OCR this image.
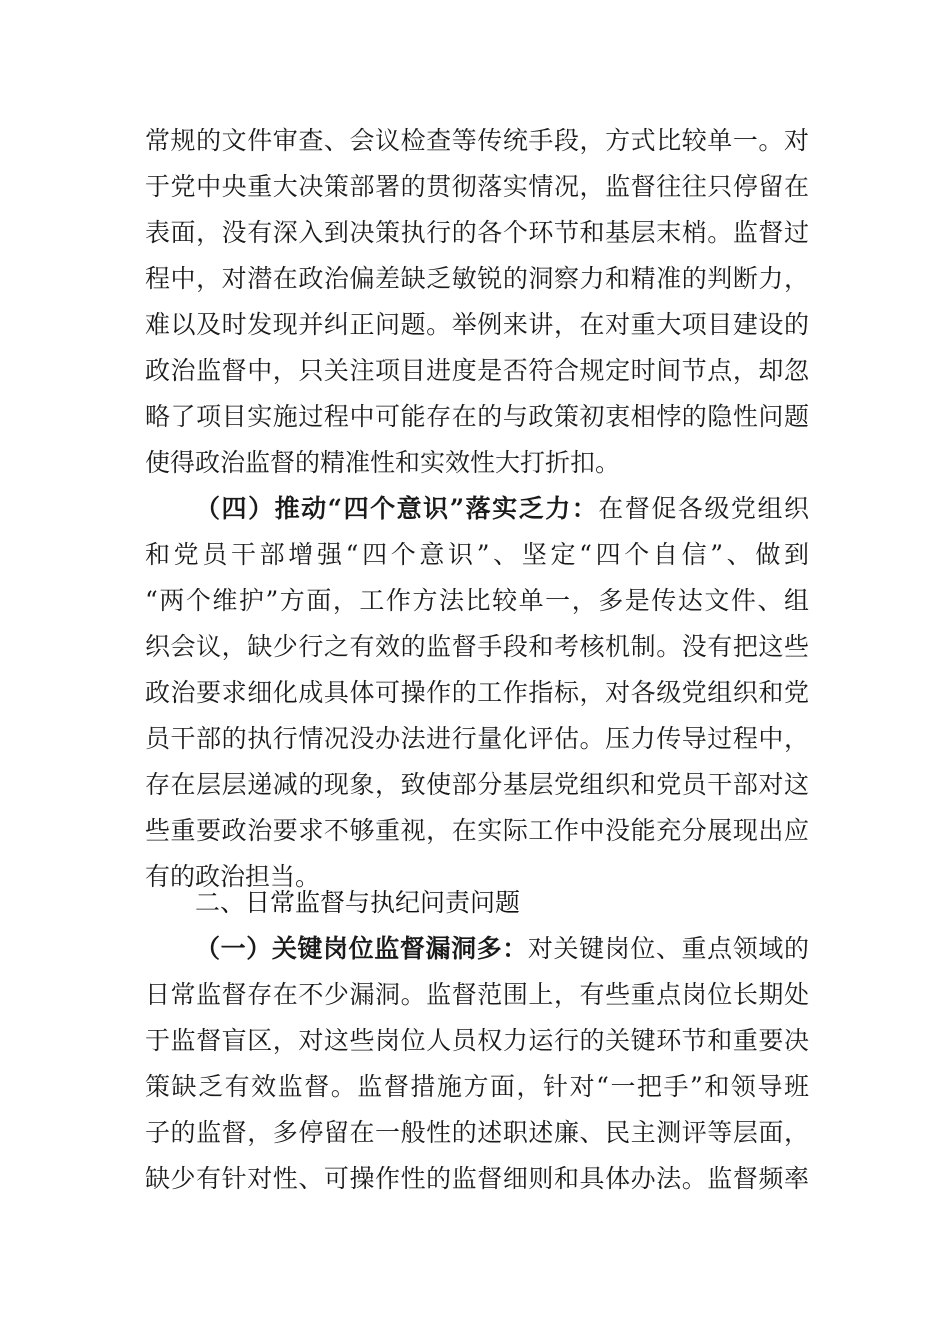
常规的文件审查、会议检查等传统手段，方式比较单一。对
于党中央重大决策部署的贯彻落实情况，监督往往只停留在
表面，没有深入到决策执行的各个环节和基层末梢。监督过
程中，对潜在政治偏差缺乏敏锐的洞察力和精准的判断力，
难以及时发现并纠正问题。举例来讲，在对重大项目建设的
政治监督中，只关注项目进度是否符合规定时间节点，却忽
略了项目实施过程中可能存在的与政策初衷相悖的隐性问题
使得政治监督的精准性和实效性大打折扣。
（四）推动“四个意识”落实乏力：在督促各级党组织
和党员干部增强“四个意识”、坚定“四个自信”、做到
“两个维护”方面，工作方法比较单一，多是传达文件、组
织会议，缺少行之有效的监督手段和考核机制。没有把这些
政治要求细化成具体可操作的工作指标，对各级党组织和党
员干部的执行情况没办法进行量化评估。压力传导过程中，
存在层层递减的现象，致使部分基层党组织和党员干部对这
些重要政治要求不够重视，在实际工作中没能充分展现出应
有的政治担当。
二、日常监督与执纪问责问题
（一）关键岗位监督漏洞多：对关键岗位、重点领域的
日常监督存在不少漏洞。监督范围上，有些重点岗位长期处
于监督盲区，对这些岗位人员权力运行的关键环节和重要决
策缺乏有效监督。监督措施方面，针对“一把手”和领导班
子的监督，多停留在一般性的述职述廉、民主测评等层面，
缺少有针对性、可操作性的监督细则和具体办法。监督频率
